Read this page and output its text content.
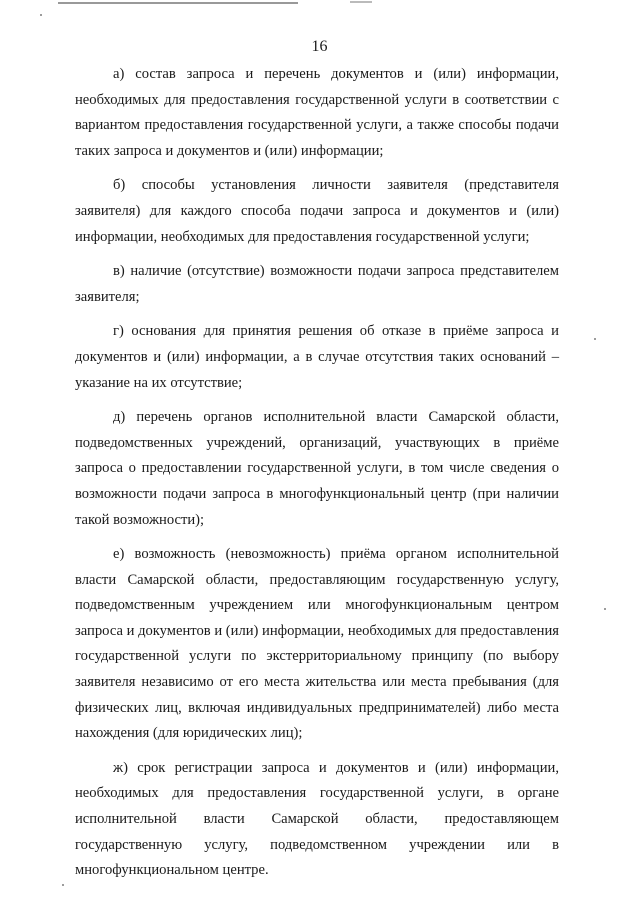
16

а) состав запроса и перечень документов и (или) информации, необходимых для предоставления государственной услуги в соответствии с вариантом предоставления государственной услуги, а также способы подачи таких запроса и документов и (или) информации;

б) способы установления личности заявителя (представителя заявителя) для каждого способа подачи запроса и документов и (или) информации, необходимых для предоставления государственной услуги;

в) наличие (отсутствие) возможности подачи запроса представителем заявителя;

г) основания для принятия решения об отказе в приёме запроса и документов и (или) информации, а в случае отсутствия таких оснований – указание на их отсутствие;

д) перечень органов исполнительной власти Самарской области, подведомственных учреждений, организаций, участвующих в приёме запроса о предоставлении государственной услуги, в том числе сведения о возможности подачи запроса в многофункциональный центр (при наличии такой возможности);

е) возможность (невозможность) приёма органом исполнительной власти Самарской области, предоставляющим государственную услугу, подведомственным учреждением или многофункциональным центром запроса и документов и (или) информации, необходимых для предоставления государственной услуги по экстерриториальному принципу (по выбору заявителя независимо от его места жительства или места пребывания (для физических лиц, включая индивидуальных предпринимателей) либо места нахождения (для юридических лиц);

ж) срок регистрации запроса и документов и (или) информации, необходимых для предоставления государственной услуги, в органе исполнительной власти Самарской области, предоставляющем государственную услугу, подведомственном учреждении или в многофункциональном центре.
